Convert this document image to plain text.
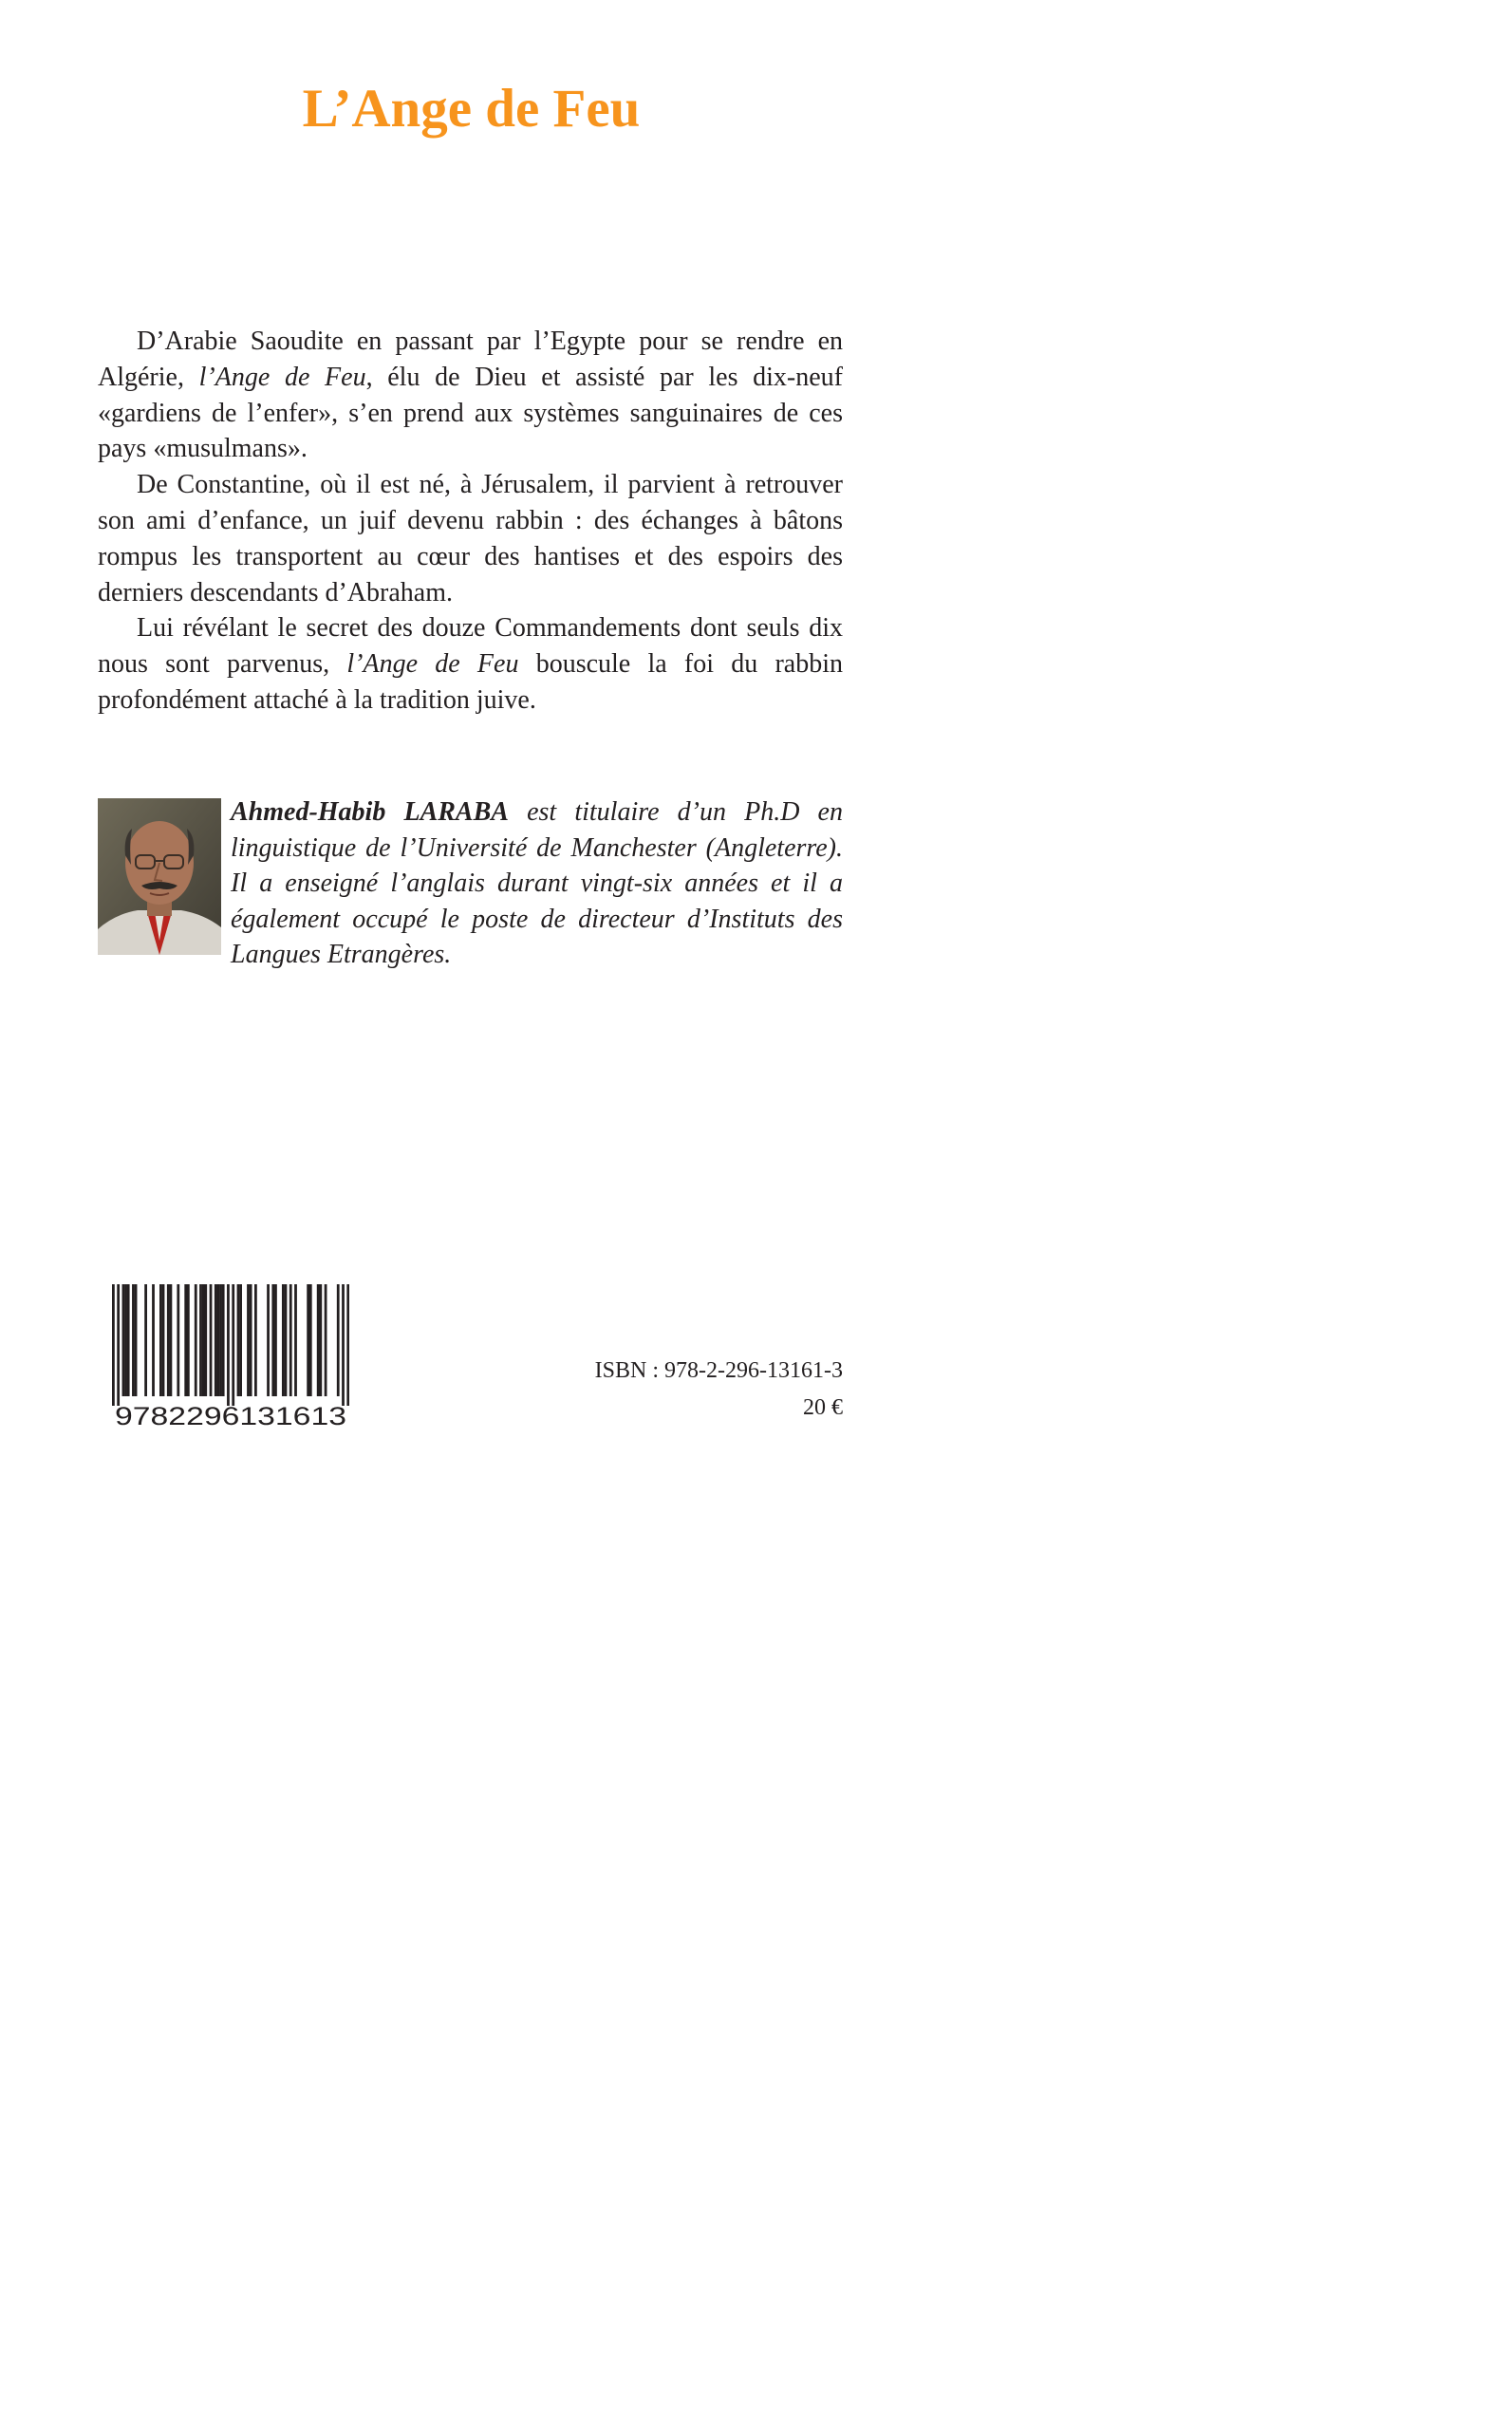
L’Ange de Feu

D’Arabie Saoudite en passant par l’Egypte pour se rendre en Algérie, l’Ange de Feu, élu de Dieu et assisté par les dix-neuf «gardiens de l’enfer», s’en prend aux systèmes sanguinaires de ces pays «musulmans».

De Constantine, où il est né, à Jérusalem, il parvient à retrouver son ami d’enfance, un juif devenu rabbin : des échanges à bâtons rompus les transportent au cœur des hantises et des espoirs des derniers descendants d’Abraham.

Lui révélant le secret des douze Commandements dont seuls dix nous sont parvenus, l’Ange de Feu bouscule la foi du rabbin profondément attaché à la tradition juive.

Ahmed-Habib LARABA est titulaire d’un Ph.D en linguistique de l’Université de Manchester (Angleterre). Il a enseigné l’anglais durant vingt-six années et il a également occupé le poste de directeur d’Instituts des Langues Etrangères.

9782296131613
ISBN : 978-2-296-13161-3
20 €
